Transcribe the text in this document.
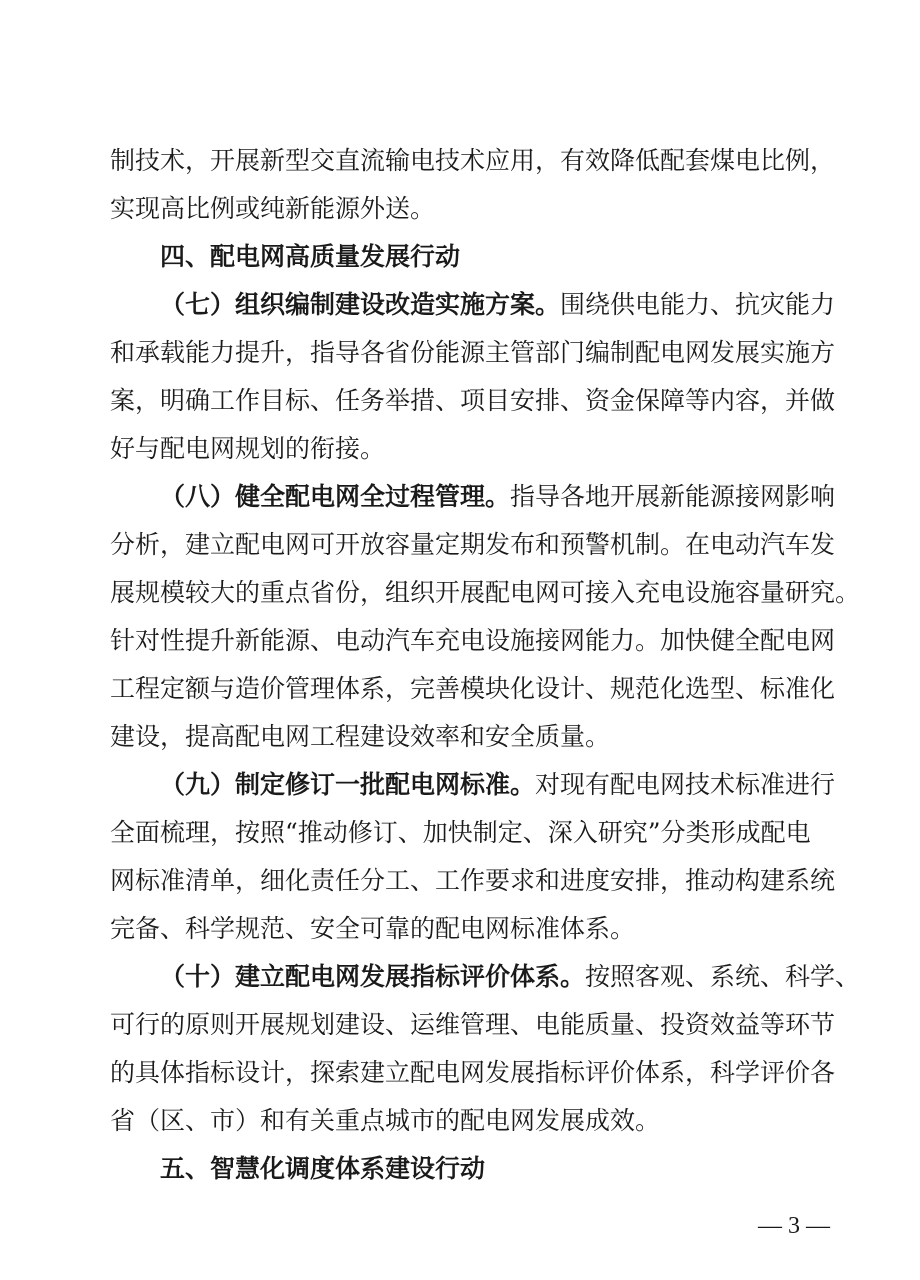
制技术，开展新型交直流输电技术应用，有效降低配套煤电比例，
实现高比例或纯新能源外送。
四、配电网高质量发展行动
（七）组织编制建设改造实施方案。围绕供电能力、抗灾能力
和承载能力提升，指导各省份能源主管部门编制配电网发展实施方
案，明确工作目标、任务举措、项目安排、资金保障等内容，并做
好与配电网规划的衔接。
（八）健全配电网全过程管理。指导各地开展新能源接网影响
分析，建立配电网可开放容量定期发布和预警机制。在电动汽车发
展规模较大的重点省份，组织开展配电网可接入充电设施容量研究。
针对性提升新能源、电动汽车充电设施接网能力。加快健全配电网
工程定额与造价管理体系，完善模块化设计、规范化选型、标准化
建设，提高配电网工程建设效率和安全质量。
（九）制定修订一批配电网标准。对现有配电网技术标准进行
全面梳理，按照“推动修订、加快制定、深入研究”分类形成配电
网标准清单，细化责任分工、工作要求和进度安排，推动构建系统
完备、科学规范、安全可靠的配电网标准体系。
（十）建立配电网发展指标评价体系。按照客观、系统、科学、
可行的原则开展规划建设、运维管理、电能质量、投资效益等环节
的具体指标设计，探索建立配电网发展指标评价体系，科学评价各
省（区、市）和有关重点城市的配电网发展成效。
五、智慧化调度体系建设行动
— 3 —
